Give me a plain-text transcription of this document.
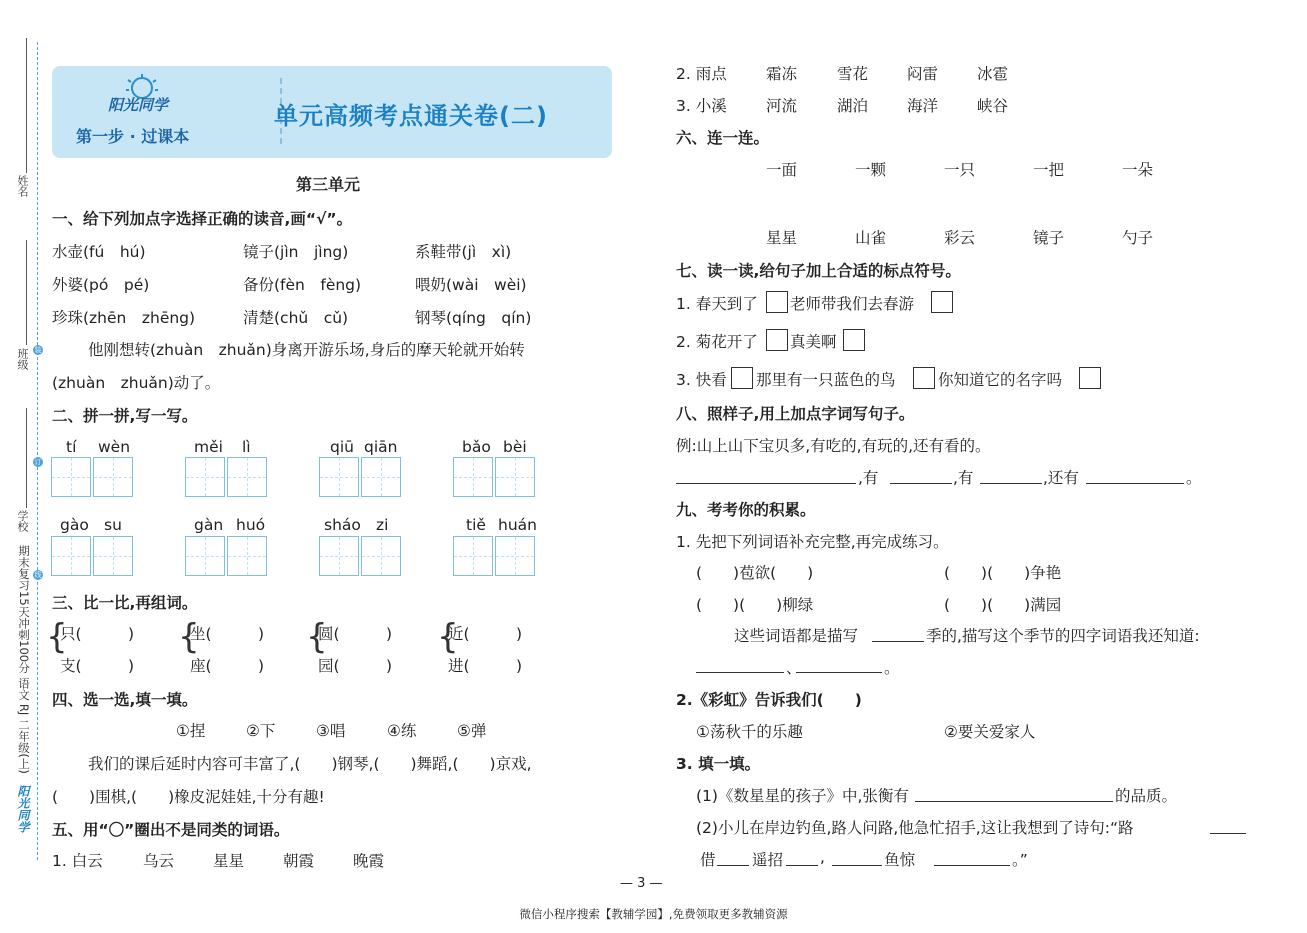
姓名
班级
学校
装
订
线
期末复习15天冲刺100分 语文 RJ 二年级(上)
阳光同学
阳光同学
第一步 · 过课本
单元高频考点通关卷(二)
第三单元
一、给下列加点字选择正确的读音,画“√”。
水壶(fú　hú)	镜子(jìn　jìng)	系鞋带(jì　xì)
外婆(pó　pé)	备份(fèn　fèng)	喂奶(wài　wèi)
珍珠(zhēn　zhēng)	清楚(chǔ　cǔ)	钢琴(qíng　qín)
他刚想转(zhuàn　zhuǎn)身离开游乐场,身后的摩天轮就开始转
(zhuàn　zhuǎn)动了。
二、拼一拼,写一写。
tí wèn	měi lì	qiū qiān	bǎo bèi
gào su	gàn huó	sháo zi	tiě huán
三、比一比,再组词。
{
只(　　　)
支(　　　)
{
坐(　　　)
座(　　　)
{
圆(　　　)
园(　　　)
{
近(　　　)
进(　　　)
四、选一选,填一填。
①捏	②下	③唱	④练	⑤弹
我们的课后延时内容可丰富了,(　　)钢琴,(　　)舞蹈,(　　)京戏,
(　　)围棋,(　　)橡皮泥娃娃,十分有趣!
五、用“〇”圈出不是同类的词语。
1. 白云	乌云	星星	朝霞	晚霞
2. 雨点	霜冻	雪花	闷雷	冰雹
3. 小溪	河流	湖泊	海洋	峡谷
六、连一连。
一面	一颗	一只	一把	一朵
星星	山雀	彩云	镜子	勺子
七、读一读,给句子加上合适的标点符号。
1. 春天到了 老师带我们去春游
2. 菊花开了 真美啊
3. 快看 那里有一只蓝色的鸟	你知道它的名字吗
八、照样子,用上加点字词写句子。
例:山上山下宝贝多,有吃的,有玩的,还有看的。
,有	,有	,还有	。
九、考考你的积累。
1. 先把下列词语补充完整,再完成练习。
(　　)苞欲(　　)	(　　)(　　)争艳
(　　)(　　)柳绿	(　　)(　　)满园
这些词语都是描写	季的,描写这个季节的四字词语我还知道:
、	。
2.《彩虹》告诉我们(　　)
①荡秋千的乐趣	②要关爱家人
3. 填一填。
(1)《数星星的孩子》中,张衡有	的品质。
(2)小儿在岸边钓鱼,路人问路,他急忙招手,这让我想到了诗句:“路
借 遥招 ,	鱼惊	。”
— 3 —
微信小程序搜索【教辅学园】,免费领取更多教辅资源
